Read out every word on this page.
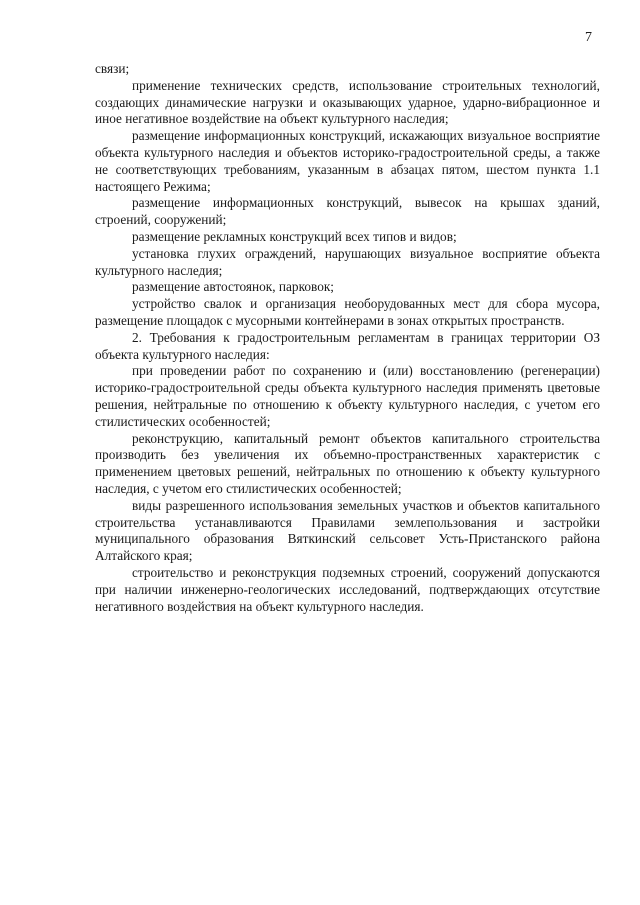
7

связи;

применение технических средств, использование строительных технологий, создающих динамические нагрузки и оказывающих ударное, ударно-вибрационное и иное негативное воздействие на объект культурного наследия;

размещение информационных конструкций, искажающих визуальное восприятие объекта культурного наследия и объектов историко-градостроительной среды, а также не соответствующих требованиям, указанным в абзацах пятом, шестом пункта 1.1 настоящего Режима;

размещение информационных конструкций, вывесок на крышах зданий, строений, сооружений;

размещение рекламных конструкций всех типов и видов;

установка глухих ограждений, нарушающих визуальное восприятие объекта культурного наследия;

размещение автостоянок, парковок;

устройство свалок и организация необорудованных мест для сбора мусора, размещение площадок с мусорными контейнерами в зонах открытых пространств.

2. Требования к градостроительным регламентам в границах территории ОЗ объекта культурного наследия:

при проведении работ по сохранению и (или) восстановлению (регенерации) историко-градостроительной среды объекта культурного наследия применять цветовые решения, нейтральные по отношению к объекту культурного наследия, с учетом его стилистических особенностей;

реконструкцию, капитальный ремонт объектов капитального строительства производить без увеличения их объемно-пространственных характеристик с применением цветовых решений, нейтральных по отношению к объекту культурного наследия, с учетом его стилистических особенностей;

виды разрешенного использования земельных участков и объектов капитального строительства устанавливаются Правилами землепользования и застройки муниципального образования Вяткинский сельсовет Усть-Пристанского района Алтайского края;

строительство и реконструкция подземных строений, сооружений допускаются при наличии инженерно-геологических исследований, подтверждающих отсутствие негативного воздействия на объект культурного наследия.
